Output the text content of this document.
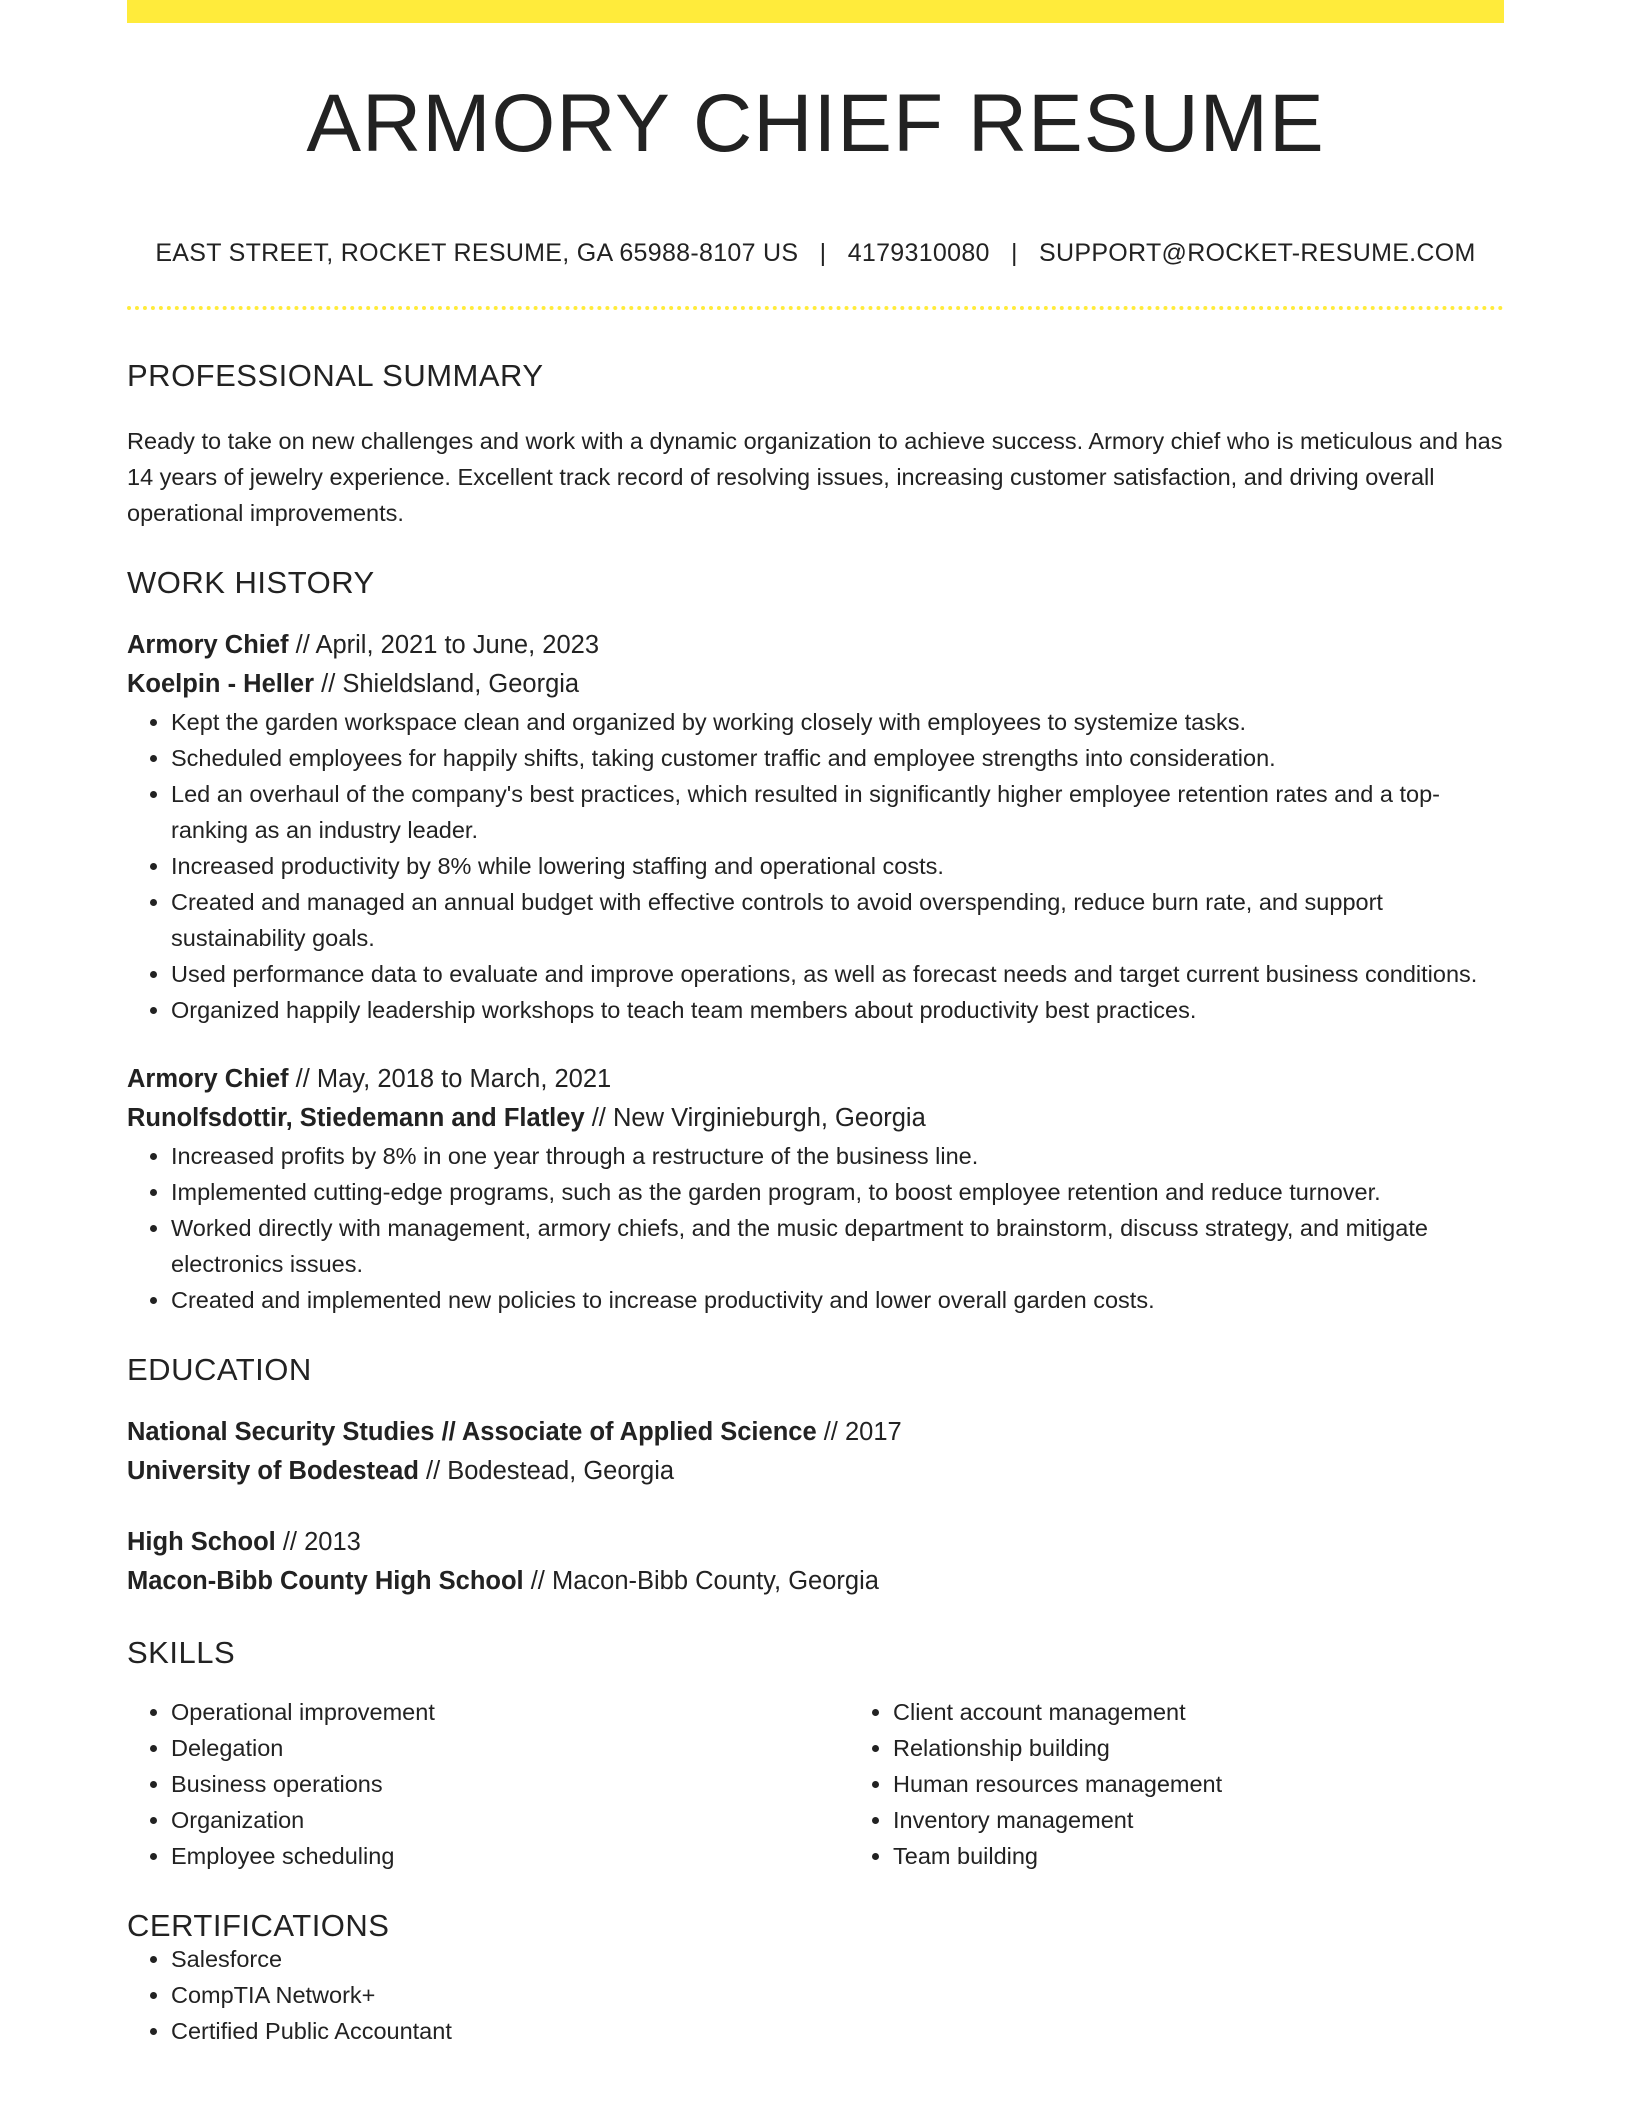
ARMORY CHIEF RESUME
EAST STREET, ROCKET RESUME, GA 65988-8107 US | 4179310080 | SUPPORT@ROCKET-RESUME.COM
PROFESSIONAL SUMMARY

Ready to take on new challenges and work with a dynamic organization to achieve success. Armory chief who is meticulous and has 14 years of jewelry experience. Excellent track record of resolving issues, increasing customer satisfaction, and driving overall operational improvements.

WORK HISTORY

Armory Chief // April, 2021 to June, 2023

Koelpin - Heller // Shieldsland, Georgia

• Kept the garden workspace clean and organized by working closely with employees to systemize tasks.
• Scheduled employees for happily shifts, taking customer traffic and employee strengths into consideration.
• Led an overhaul of the company's best practices, which resulted in significantly higher employee retention rates and a top-ranking as an industry leader.
• Increased productivity by 8% while lowering staffing and operational costs.
• Created and managed an annual budget with effective controls to avoid overspending, reduce burn rate, and support sustainability goals.
• Used performance data to evaluate and improve operations, as well as forecast needs and target current business conditions.
• Organized happily leadership workshops to teach team members about productivity best practices.

Armory Chief // May, 2018 to March, 2021

Runolfsdottir, Stiedemann and Flatley // New Virginieburgh, Georgia

• Increased profits by 8% in one year through a restructure of the business line.
• Implemented cutting-edge programs, such as the garden program, to boost employee retention and reduce turnover.
• Worked directly with management, armory chiefs, and the music department to brainstorm, discuss strategy, and mitigate electronics issues.
• Created and implemented new policies to increase productivity and lower overall garden costs.
EDUCATION

National Security Studies // Associate of Applied Science // 2017

University of Bodestead // Bodestead, Georgia

High School // 2013

Macon-Bibb County High School // Macon-Bibb County, Georgia

SKILLS
• Operational improvement
• Delegation
• Business operations
• Organization
• Employee scheduling
• Client account management
• Relationship building
• Human resources management
• Inventory management
• Team building
CERTIFICATIONS
• Salesforce
• CompTIA Network+
• Certified Public Accountant
